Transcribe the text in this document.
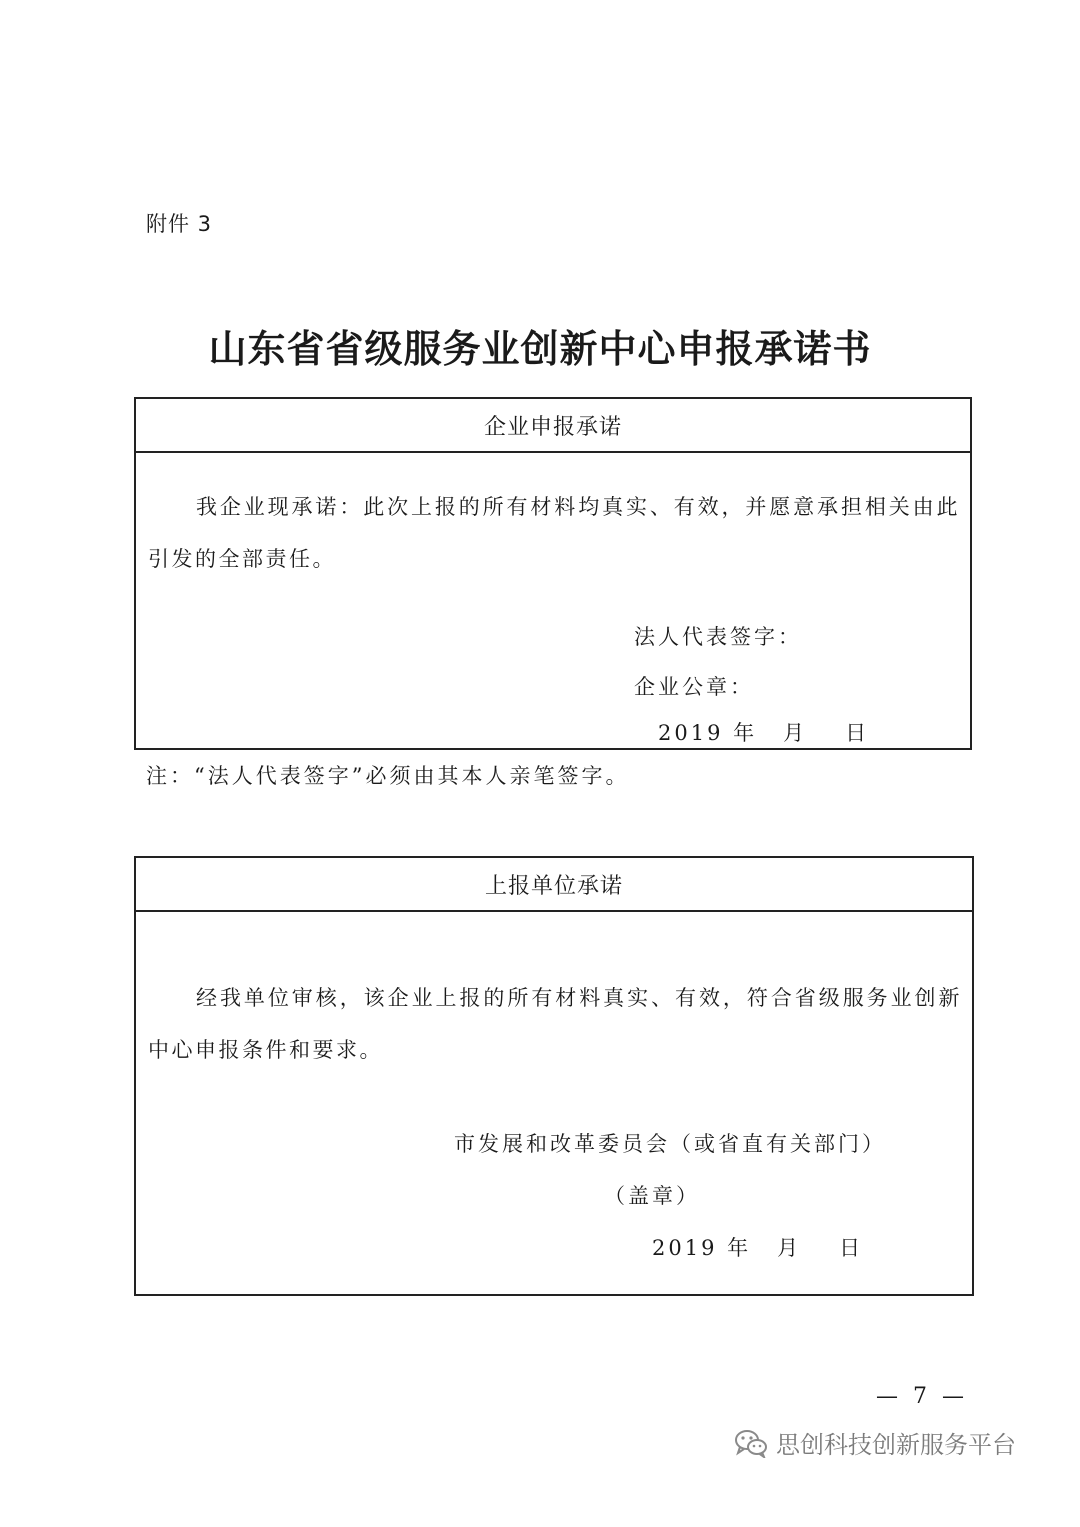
附件 3
山东省省级服务业创新中心申报承诺书
企业申报承诺
我企业现承诺：此次上报的所有材料均真实、有效，并愿意承担相关由此引发的全部责任。
法人代表签字：
企业公章：
2019 年 月 日
注：“法人代表签字”必须由其本人亲笔签字。
上报单位承诺
经我单位审核，该企业上报的所有材料真实、有效，符合省级服务业创新中心申报条件和要求。
市发展和改革委员会（或省直有关部门）
（盖章）
2019 年 月 日
— 7 —
思创科技创新服务平台
